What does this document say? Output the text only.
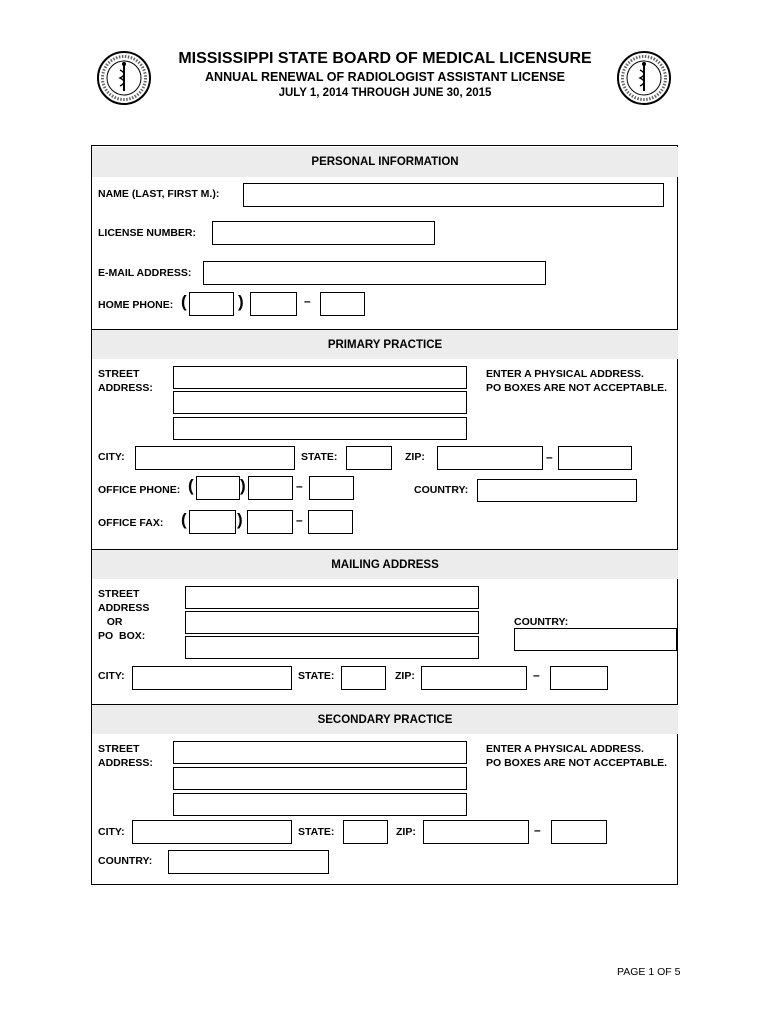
MISSISSIPPI STATE BOARD OF MEDICAL LICENSURE
ANNUAL RENEWAL OF RADIOLOGIST ASSISTANT LICENSE
JULY 1, 2014 THROUGH JUNE 30, 2015
PERSONAL INFORMATION
NAME (LAST, FIRST M.):
LICENSE NUMBER:
E-MAIL ADDRESS:
HOME PHONE: (	)	–
PRIMARY PRACTICE
STREET
ADDRESS:
ENTER A PHYSICAL ADDRESS.
PO BOXES ARE NOT ACCEPTABLE.
CITY:	STATE:	ZIP:	–
OFFICE PHONE: (	)	–	COUNTRY:
OFFICE FAX: (	)	–
MAILING ADDRESS
STREET
ADDRESS
OR
PO  BOX:
COUNTRY:
CITY:	STATE:	ZIP:	–
SECONDARY PRACTICE
STREET
ADDRESS:
ENTER A PHYSICAL ADDRESS.
PO BOXES ARE NOT ACCEPTABLE.
CITY:	STATE:	ZIP:	–
COUNTRY:
PAGE 1 OF 5
